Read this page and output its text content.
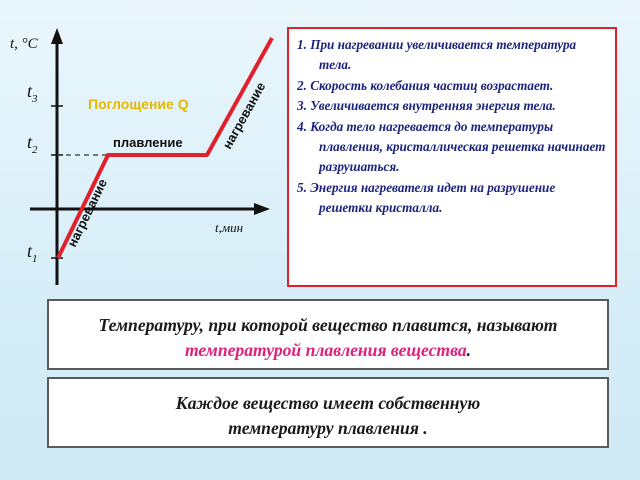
t, °C
t,мин
$t_3$
$t_2$
$t_1$
Поглощение Q
плавление
нагревание
нагревание
1. При нагревании увеличивается температура тела.
2. Скорость колебания частиц возрастает.
3. Увеличивается внутренняя энергия тела.
4. Когда тело нагревается до температуры плавления, кристаллическая решетка начинает разрушаться.
5. Энергия нагревателя идет на разрушение решетки кристалла.
Температуру, при которой вещество плавится, называют температурой плавления вещества.
Каждое вещество имеет собственную
температуру плавления .
